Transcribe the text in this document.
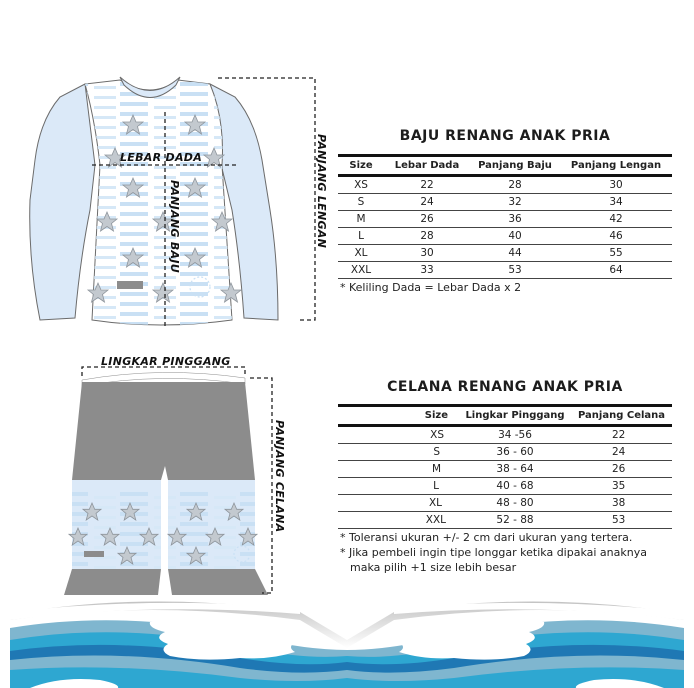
LEBAR DADA
PANJANG BAJU	PANJANG LENGAN
LINGKAR PINGGANG
PANJANG CELANA
BAJU RENANG ANAK PRIA
Size	Lebar Dada	Panjang Baju	Panjang Lengan
XS	22	28	30
S	24	32	34
M	26	36	42
L	28	40	46
XL	30	44	55
XXL	33	53	64
* Keliling Dada = Lebar Dada x 2
CELANA RENANG ANAK PRIA
Size	Lingkar Pinggang	Panjang Celana
XS	34 -56	22
S	36 - 60	24
M	38 - 64	26
L	40 - 68	35
XL	48 - 80	38
XXL	52 - 88	53
* Toleransi ukuran +/- 2 cm dari ukuran yang tertera.
* Jika pembeli ingin tipe longgar ketika dipakai anaknya
maka pilih +1 size lebih besar
